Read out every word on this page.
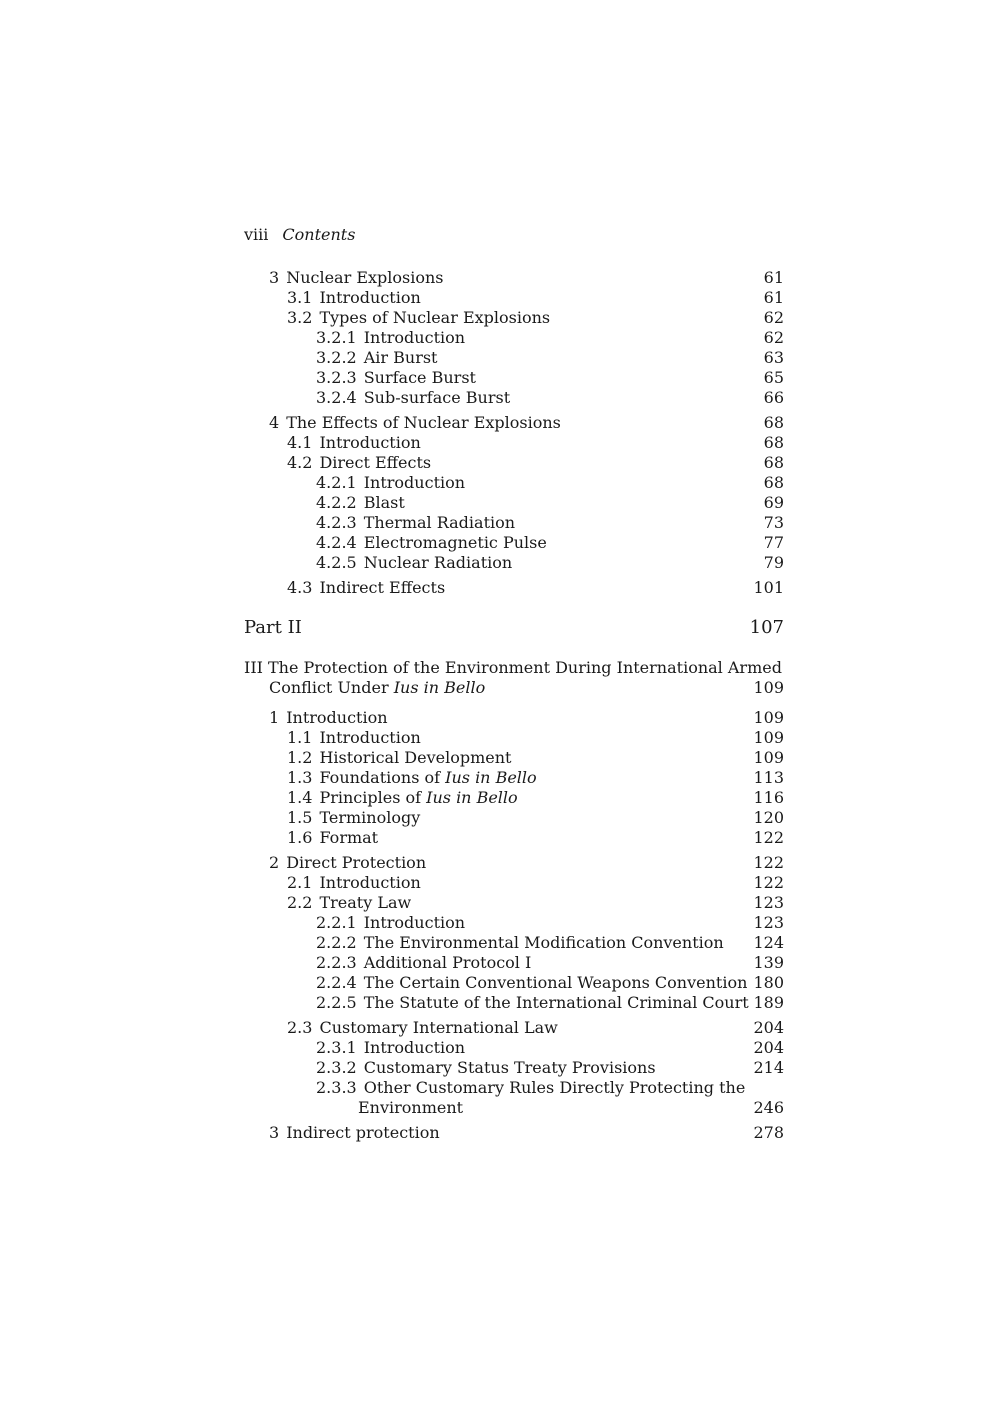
viii Contents
3 Nuclear Explosions	61
3.1 Introduction	61
3.2 Types of Nuclear Explosions	62
3.2.1 Introduction	62
3.2.2 Air Burst	63
3.2.3 Surface Burst	65
3.2.4 Sub-surface Burst	66
4 The Effects of Nuclear Explosions	68
4.1 Introduction	68
4.2 Direct Effects	68
4.2.1 Introduction	68
4.2.2 Blast	69
4.2.3 Thermal Radiation	73
4.2.4 Electromagnetic Pulse	77
4.2.5 Nuclear Radiation	79
4.3 Indirect Effects	101
Part II	107
III The Protection of the Environment During International Armed
Conflict Under Ius in Bello	109
1 Introduction	109
1.1 Introduction	109
1.2 Historical Development	109
1.3 Foundations of Ius in Bello	113
1.4 Principles of Ius in Bello	116
1.5 Terminology	120
1.6 Format	122
2 Direct Protection	122
2.1 Introduction	122
2.2 Treaty Law	123
2.2.1 Introduction	123
2.2.2 The Environmental Modification Convention 124
2.2.3 Additional Protocol I	139
2.2.4 The Certain Conventional Weapons Convention 180
2.2.5 The Statute of the International Criminal Court 189
2.3 Customary International Law	204
2.3.1 Introduction	204
2.3.2 Customary Status Treaty Provisions	214
2.3.3 Other Customary Rules Directly Protecting the
Environment	246
3 Indirect protection	278
